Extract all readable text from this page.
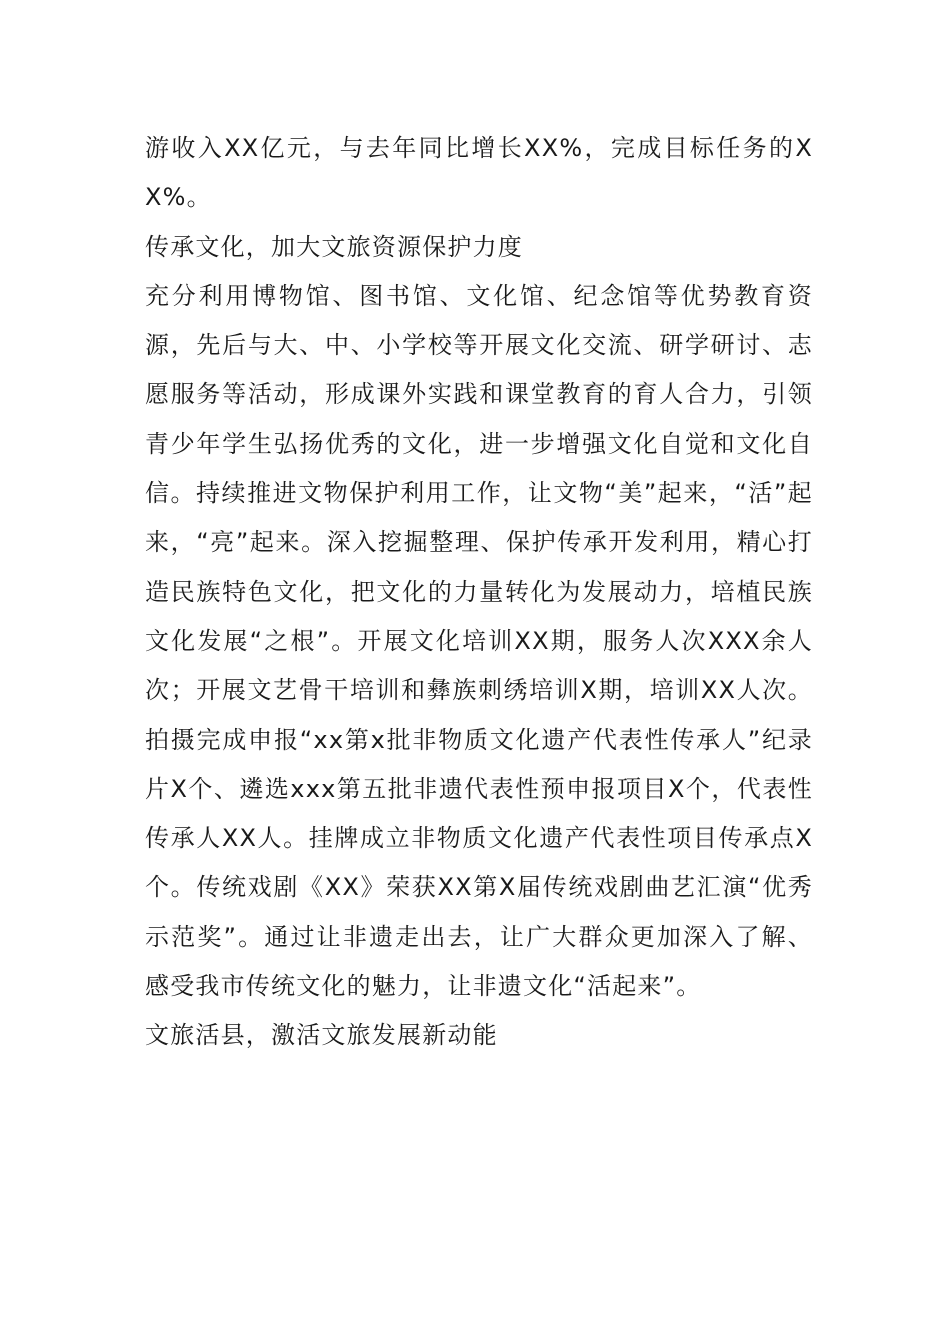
游收入XX亿元，与去年同比增长XX%，完成目标任务的XX%。

传承文化，加大文旅资源保护力度

充分利用博物馆、图书馆、文化馆、纪念馆等优势教育资源，先后与大、中、小学校等开展文化交流、研学研讨、志愿服务等活动，形成课外实践和课堂教育的育人合力，引领青少年学生弘扬优秀的文化，进一步增强文化自觉和文化自信。持续推进文物保护利用工作，让文物“美”起来，“活”起来，“亮”起来。深入挖掘整理、保护传承开发利用，精心打造民族特色文化，把文化的力量转化为发展动力，培植民族文化发展“之根”。开展文化培训XX期，服务人次XXX余人次；开展文艺骨干培训和彝族刺绣培训X期，培训XX人次。拍摄完成申报“xx第x批非物质文化遗产代表性传承人”纪录片X个、遴选xxx第五批非遗代表性预申报项目X个，代表性传承人XX人。挂牌成立非物质文化遗产代表性项目传承点X个。传统戏剧《XX》荣获XX第X届传统戏剧曲艺汇演“优秀示范奖”。通过让非遗走出去，让广大群众更加深入了解、感受我市传统文化的魅力，让非遗文化“活起来”。

文旅活县，激活文旅发展新动能
